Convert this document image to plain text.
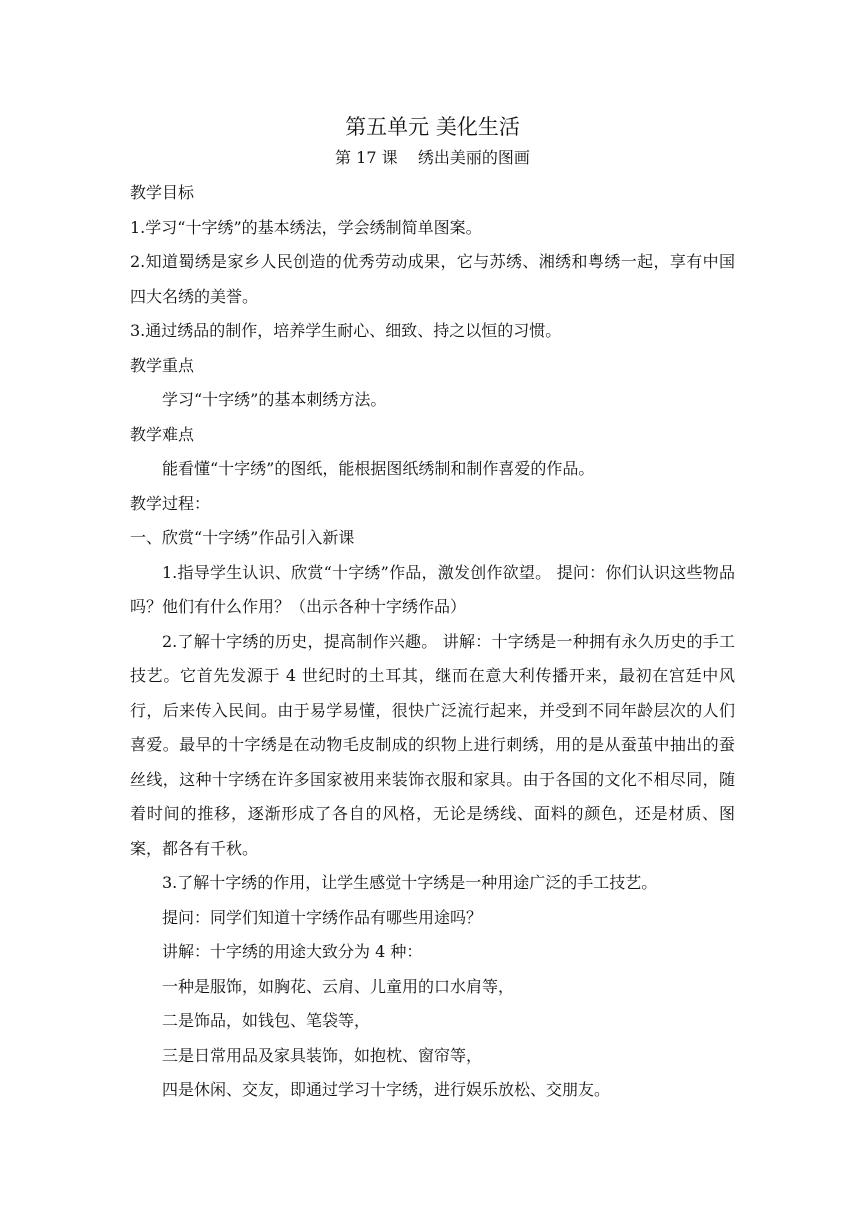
第五单元 美化生活
第 17 课    绣出美丽的图画

教学目标

1.学习“十字绣”的基本绣法，学会绣制简单图案。

2.知道蜀绣是家乡人民创造的优秀劳动成果，它与苏绣、湘绣和粤绣一起，享有中国四大名绣的美誉。

3.通过绣品的制作，培养学生耐心、细致、持之以恒的习惯。

教学重点

学习“十字绣”的基本刺绣方法。

教学难点

能看懂“十字绣”的图纸，能根据图纸绣制和制作喜爱的作品。

教学过程：

一、欣赏“十字绣”作品引入新课

1.指导学生认识、欣赏“十字绣”作品，激发创作欲望。 提问：你们认识这些物品吗？他们有什么作用？（出示各种十字绣作品）

2.了解十字绣的历史，提高制作兴趣。 讲解：十字绣是一种拥有永久历史的手工技艺。它首先发源于 4 世纪时的土耳其，继而在意大利传播开来，最初在宫廷中风行，后来传入民间。由于易学易懂，很快广泛流行起来，并受到不同年龄层次的人们喜爱。最早的十字绣是在动物毛皮制成的织物上进行刺绣，用的是从蚕茧中抽出的蚕丝线，这种十字绣在许多国家被用来装饰衣服和家具。由于各国的文化不相尽同，随着时间的推移，逐渐形成了各自的风格，无论是绣线、面料的颜色，还是材质、图案，都各有千秋。

3.了解十字绣的作用，让学生感觉十字绣是一种用途广泛的手工技艺。

提问：同学们知道十字绣作品有哪些用途吗？

讲解：十字绣的用途大致分为 4 种：

一种是服饰，如胸花、云肩、儿童用的口水肩等，

二是饰品，如钱包、笔袋等，

三是日常用品及家具装饰，如抱枕、窗帘等，

四是休闲、交友，即通过学习十字绣，进行娱乐放松、交朋友。
